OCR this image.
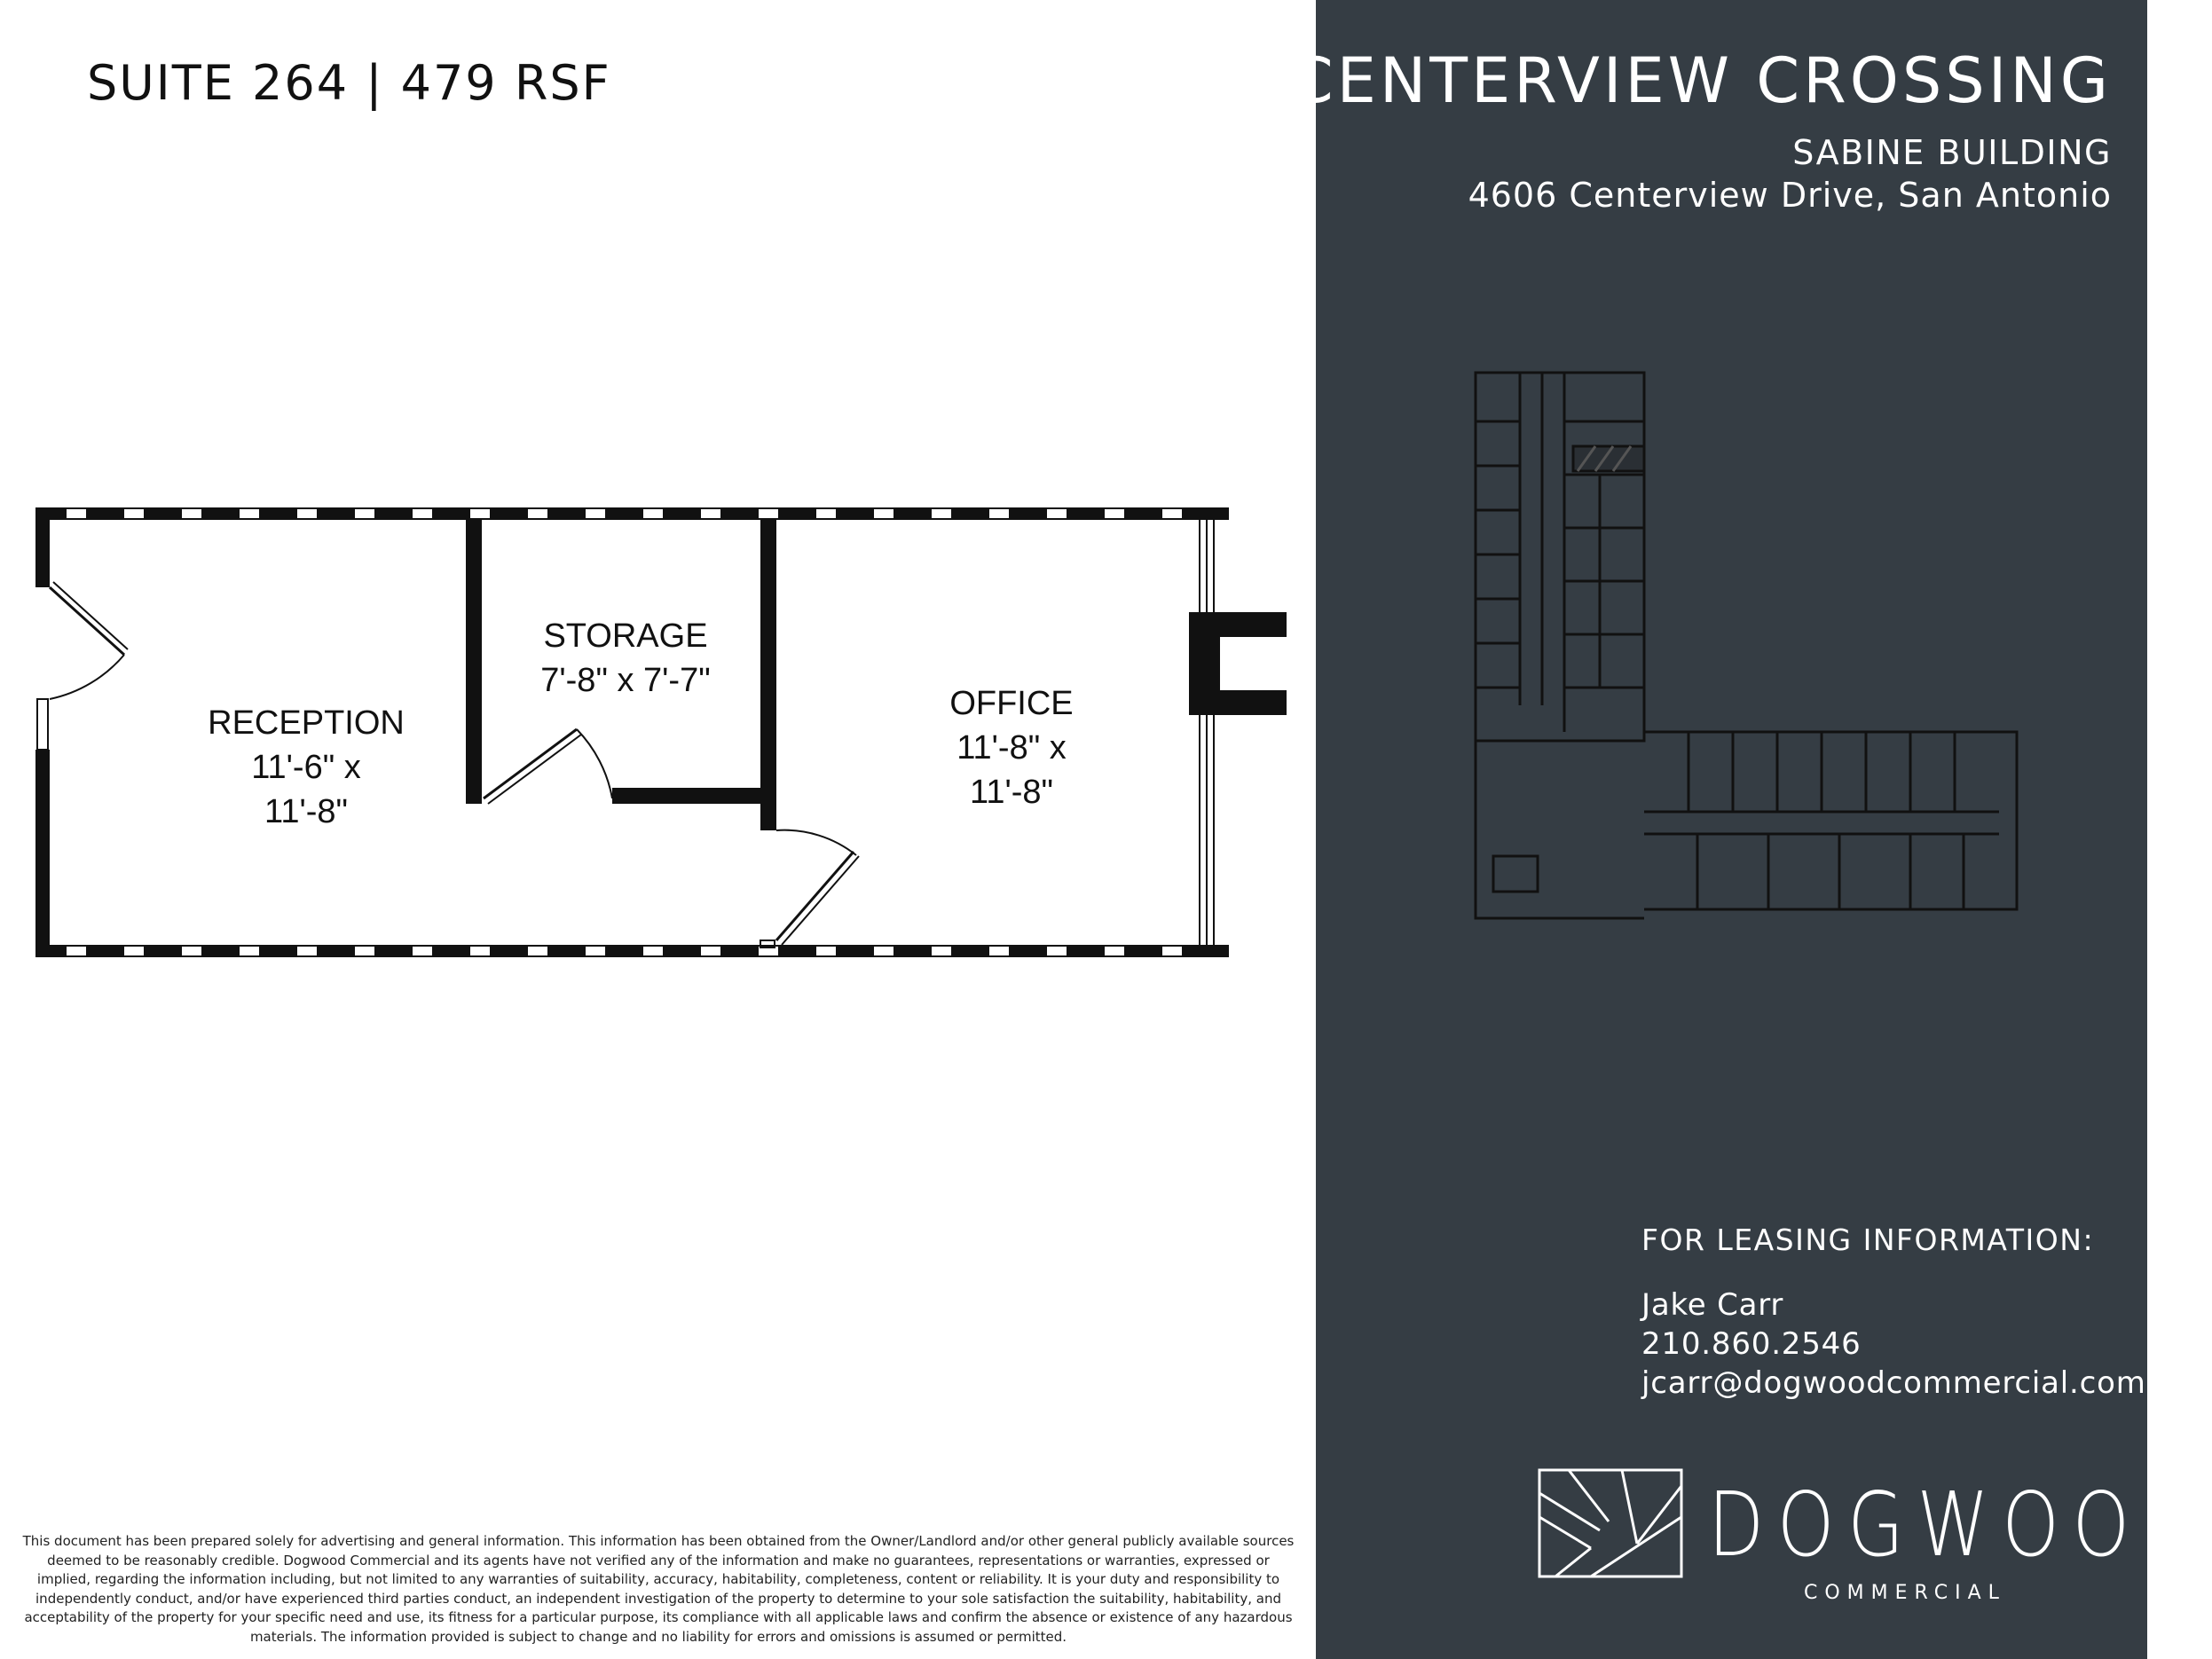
SUITE 264 | 479 RSF
RECEPTION
11'-6" x
11'-8"
STORAGE
7'-8" x 7'-7"
OFFICE
11'-8" x
11'-8"
This document has been prepared solely for advertising and general information. This information has been obtained from the Owner/Landlord and/or other general publicly available sources deemed to be reasonably credible. Dogwood Commercial and its agents have not verified any of the information and make no guarantees, representations or warranties, expressed or implied, regarding the information including, but not limited to any warranties of suitability, accuracy, habitability, completeness, content or reliability. It is your duty and responsibility to independently conduct, and/or have experienced third parties conduct, an independent investigation of the property to determine to your sole satisfaction the suitability, habitability, and acceptability of the property for your specific need and use, its fitness for a particular purpose, its compliance with all applicable laws and confirm the absence or existence of any hazardous materials. The information provided is subject to change and no liability for errors and omissions is assumed or permitted.
CENTERVIEW CROSSING
SABINE BUILDING
4606 Centerview Drive, San Antonio
FOR LEASING INFORMATION:
Jake Carr
210.860.2546
jcarr@dogwoodcommercial.com
DOGWOOD
COMMERCIAL
